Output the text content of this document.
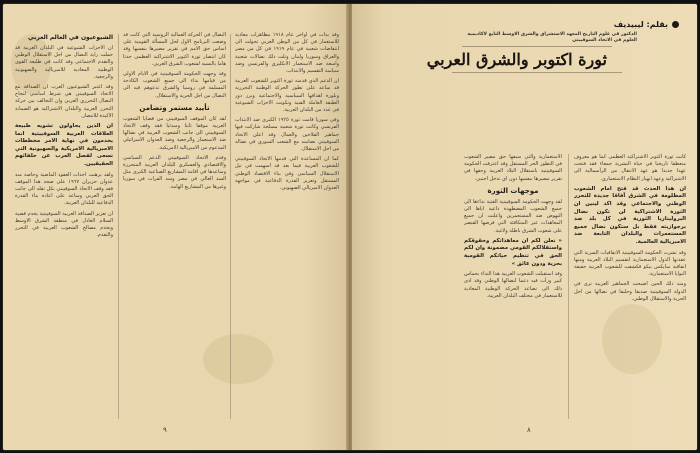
وقد بدأت في اواخر عام ١٩١٨ مظاهرات معادية للاستعمار في كل من الوطن العربي تحولت الى انتفاضات شعبية في عام ١٩١٩ في كل من مصر والعراق وسوريا ولبنان وتلت ذلك نضالات شعبية واسعة ضد الاستعمار الانكليزي والفرنسي وضد سياسة التقسيم والانتداب.

ان الدعم الذي قدمته ثورة اكتوبر للشعوب العربية قد ساعد على تطور الحركة الوطنية التحررية وبلورة اهدافها السياسية والاجتماعية وبرز دور الطبقة العاملة الفتية وتكونت الاحزاب الشيوعية في عدد من البلدان العربية.

وفي سوريا قامت ثورة ١٩٢٥ الكبرى ضد الانتداب الفرنسي وكانت ثورة شعبية مسلحة شاركت فيها جماهير الفلاحين والعمال وقد اعلن الاتحاد السوفييتي تضامنه مع الشعب السوري في نضاله من اجل الاستقلال.

كما ان المساعدة التي قدمها الاتحاد السوفييتي للشعوب العربية فيما بعد قد اسهمت في نيل الاستقلال السياسي وفي بناء الاقتصاد الوطني المستقل وتعزيز القدرة الدفاعية في مواجهة العدوان الامبريالي الصهيوني.

النضال في الحركة العمالية الروسية التي كانت قد وضعت البرنامج الاول لحل المسألة القومية على اساس حق الامم في تقرير مصيرها بنفسها وقد كان انتصار ثورة اكتوبر الاشتراكية العظمى حدثا هاما بالنسبة لشعوب الشرق العربي.

وقد وجهت الحكومة السوفييتية في الايام الاولى من قيامها نداء الى جميع الشعوب الكادحة المسلمة في روسيا والشرق تدعوهم فيه الى النضال من اجل الحرية والاستقلال.

تأييد مستمر وتضامن

لقد كان الموقف السوفييتي من قضايا الشعوب العربية موقفا ثابتا ومبدئيا فقد وقف الاتحاد السوفييتي الى جانب الشعوب العربية في نضالها ضد الاستعمار والرجعية وضد العدوان الاسرائيلي المدعوم من الامبريالية الامريكية.

وقدم الاتحاد السوفييتي الدعم السياسي والاقتصادي والعسكري للبلدان العربية المتحررة وساعدها في اقامة المشاريع الصناعية الكبرى مثل السد العالي في مصر وسد الفرات في سوريا وغيرها من المشاريع الهامة.

الشيوعيون في العالم العربي

ان الاحزاب الشيوعية في البلدان العربية قد حملت راية النضال من اجل الاستقلال الوطني والتقدم الاجتماعي وقد كانت في طليعة القوى الوطنية المعادية للامبريالية والصهيونية والرجعية.

وقد اعتبر الشيوعيون العرب ان الصداقة مع الاتحاد السوفييتي هي شرط اساسي لنجاح النضال التحرري العربي وان التحالف بين حركة التحرر العربية والبلدان الاشتراكية هو الضمانة الاكيدة للانتصار.

ان الذين يحاولون تشويه طبيعة العلاقات العربية السوفييتية انما يخدمون في نهاية الامر مخططات الامبريالية الامريكية والصهيونية التي تسعى لفصل العرب عن حلفائهم الحقيقيين.

ولقد برهنت احداث العقود الماضية وخاصة منذ عدوان حزيران ١٩٦٧ على صحة هذا الموقف فقد وقف الاتحاد السوفييتي بكل ثقله الى جانب الحق العربي وساعد على اعادة بناء القدرة الدفاعية للبلدان العربية.

ان تعزيز الصداقة العربية السوفييتية يخدم قضية السلام العادل في منطقة الشرق الاوسط ويخدم مصالح الشعوب العربية في التحرر والتقدم.

٩
بقلم: ليبيديف
الدكتور في علوم التاريخ المعهد الاستشراق والشرق الاوسط التابع لاكاديمية العلوم في الاتحاد السوفييتي
ثورة اكتوبر والشرق العربي

كانت ثورة اكتوبر الاشتراكية العظمى كما هو معروف منعطفا تاريخيا في حياة البشرية جمعاء فقد فتحت عهدا جديدا هو عهد الانتقال من الرأسمالية الى الاشتراكية وعهد انهيار النظام الاستعماري.

ان هذا الحدث قد فتح امام الشعوب المظلومة في الشرق آفاقا جديدة للتحرر الوطني والاجتماعي وقد اكد لينين ان الثورة الاشتراكية لن تكون نضال البروليتاريا الثورية في كل بلد ضد برجوازيته فقط بل ستكون نضال جميع المستعمرات والبلدان التابعة ضد الامبريالية العالمية.

وقد نشرت الحكومة السوفييتية الاتفاقيات السرية التي عقدتها الدول الاستعمارية لتقسيم البلاد العربية ومنها اتفاقية سايكس بيكو فكشفت للشعوب العربية حقيقة النوايا الاستعمارية.

ومنذ ذلك الحين اصبحت الجماهير العربية ترى في الدولة السوفييتية صديقا وحليفا في نضالها من اجل الحرية والاستقلال الوطني.

الاستعمارية والتي سبقها حق مصير الشعوب في التطور الحر المستقل وقد اعترفت الحكومة السوفييتية باستقلال البلاد العربية وحقها في تقرير مصيرها بنفسها دون اي تدخل اجنبي.

موجهات الثورة

لقد وجهت الحكومة السوفييتية الفتية نداءها الى جميع الشعوب المضطهدة داعية اياها الى النهوض ضد المستعمرين واعلنت ان جميع المعاهدات غير المتكافئة التي فرضها القيصر على شعوب الشرق باطلة ولاغية.

« نعلن لكم ان معاهداتكم وحقوقكم واستقلالكم القومي مضمونة وان لكم الحق في تنظيم حياتكم القومية بحرية ودون عائق »

وقد استقبلت الشعوب العربية هذا النداء بحماس كبير ورأت فيه دعما لنضالها الوطني وقد ادى ذلك الى تصاعد الحركة الوطنية المعادية للاستعمار في مختلف البلدان العربية.

٨
